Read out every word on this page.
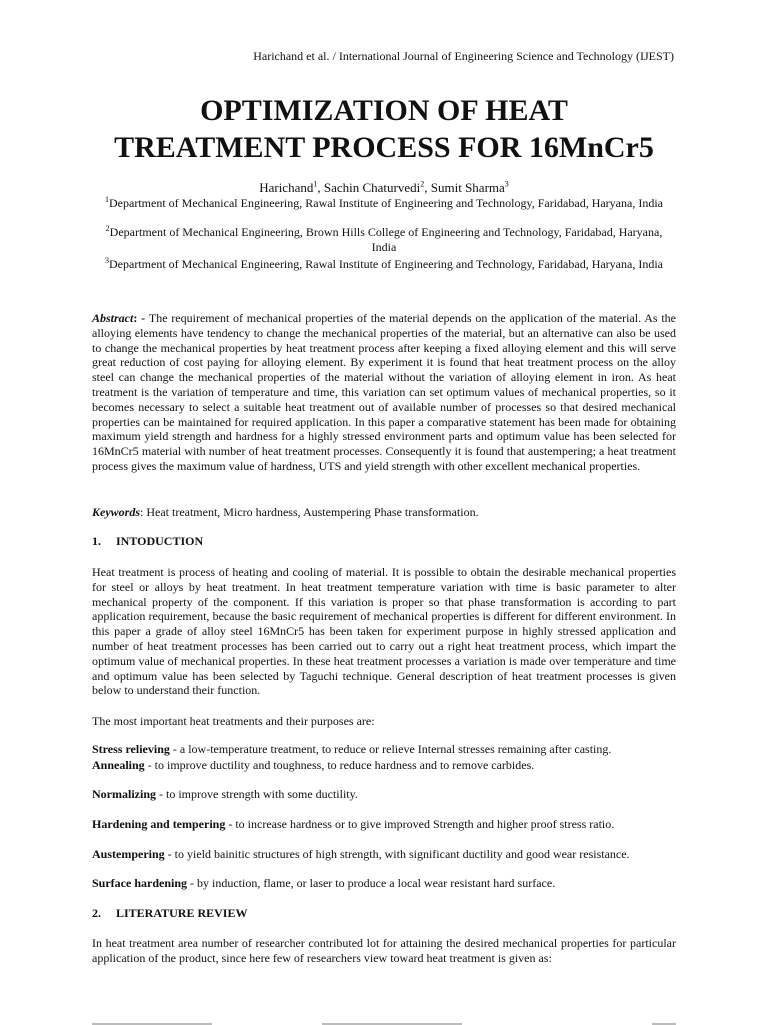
Harichand et al. / International Journal of Engineering Science and Technology (IJEST)
OPTIMIZATION OF HEAT
TREATMENT PROCESS FOR 16MnCr5
Harichand$^1$, Sachin Chaturvedi$^2$, Sumit Sharma$^3$
$^1$Department of Mechanical Engineering, Rawal Institute of Engineering and Technology, Faridabad, Haryana, India
$^2$Department of Mechanical Engineering, Brown Hills College of Engineering and Technology, Faridabad, Haryana, India
$^3$Department of Mechanical Engineering, Rawal Institute of Engineering and Technology, Faridabad, Haryana, India
Abstract: - The requirement of mechanical properties of the material depends on the application of the material. As the alloying elements have tendency to change the mechanical properties of the material, but an alternative can also be used to change the mechanical properties by heat treatment process after keeping a fixed alloying element and this will serve great reduction of cost paying for alloying element. By experiment it is found that heat treatment process on the alloy steel can change the mechanical properties of the material without the variation of alloying element in iron. As heat treatment is the variation of temperature and time, this variation can set optimum values of mechanical properties, so it becomes necessary to select a suitable heat treatment out of available number of processes so that desired mechanical properties can be maintained for required application. In this paper a comparative statement has been made for obtaining maximum yield strength and hardness for a highly stressed environment parts and optimum value has been selected for 16MnCr5 material with number of heat treatment processes. Consequently it is found that austempering; a heat treatment process gives the maximum value of hardness, UTS and yield strength with other excellent mechanical properties.
Keywords: Heat treatment, Micro hardness, Austempering Phase transformation.
1. INTODUCTION
Heat treatment is process of heating and cooling of material. It is possible to obtain the desirable mechanical properties for steel or alloys by heat treatment. In heat treatment temperature variation with time is basic parameter to alter mechanical property of the component. If this variation is proper so that phase transformation is according to part application requirement, because the basic requirement of mechanical properties is different for different environment. In this paper a grade of alloy steel 16MnCr5 has been taken for experiment purpose in highly stressed application and number of heat treatment processes has been carried out to carry out a right heat treatment process, which impart the optimum value of mechanical properties. In these heat treatment processes a variation is made over temperature and time and optimum value has been selected by Taguchi technique. General description of heat treatment processes is given below to understand their function.
The most important heat treatments and their purposes are:
Stress relieving - a low-temperature treatment, to reduce or relieve Internal stresses remaining after casting.
Annealing - to improve ductility and toughness, to reduce hardness and to remove carbides.
Normalizing - to improve strength with some ductility.
Hardening and tempering - to increase hardness or to give improved Strength and higher proof stress ratio.
Austempering - to yield bainitic structures of high strength, with significant ductility and good wear resistance.
Surface hardening - by induction, flame, or laser to produce a local wear resistant hard surface.
2. LITERATURE REVIEW
In heat treatment area number of researcher contributed lot for attaining the desired mechanical properties for particular application of the product, since here few of researchers view toward heat treatment is given as:
